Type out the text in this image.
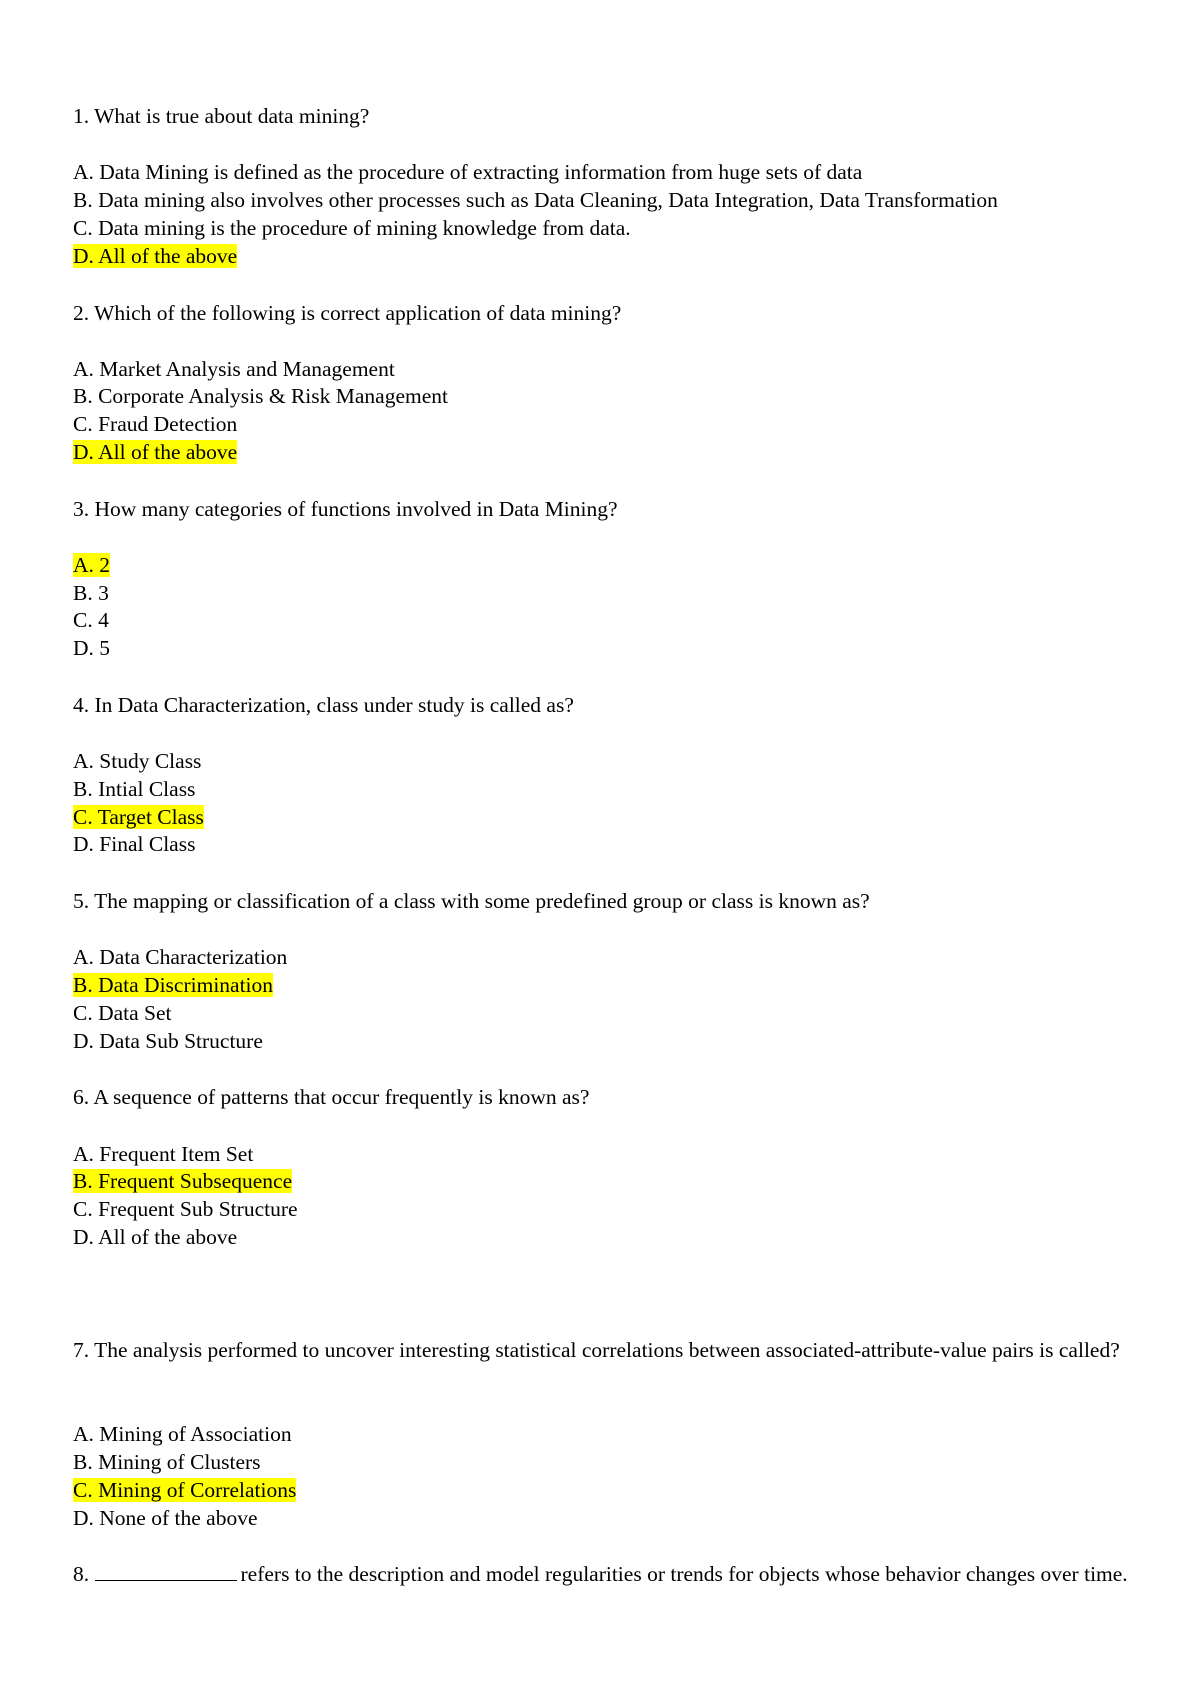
1. What is true about data mining?
A. Data Mining is defined as the procedure of extracting information from huge sets of data
B. Data mining also involves other processes such as Data Cleaning, Data Integration, Data Transformation
C. Data mining is the procedure of mining knowledge from data.
D. All of the above
2. Which of the following is correct application of data mining?
A. Market Analysis and Management
B. Corporate Analysis & Risk Management
C. Fraud Detection
D. All of the above
3. How many categories of functions involved in Data Mining?
A. 2
B. 3
C. 4
D. 5
4. In Data Characterization, class under study is called as?
A. Study Class
B. Intial Class
C. Target Class
D. Final Class
5. The mapping or classification of a class with some predefined group or class is known as?
A. Data Characterization
B. Data Discrimination
C. Data Set
D. Data Sub Structure
6. A sequence of patterns that occur frequently is known as?
A. Frequent Item Set
B. Frequent Subsequence
C. Frequent Sub Structure
D. All of the above
7. The analysis performed to uncover interesting statistical correlations between associated-attribute-value pairs is called?
A. Mining of Association
B. Mining of Clusters
C. Mining of Correlations
D. None of the above
8.	refers to the description and model regularities or trends for objects whose behavior changes over time.
